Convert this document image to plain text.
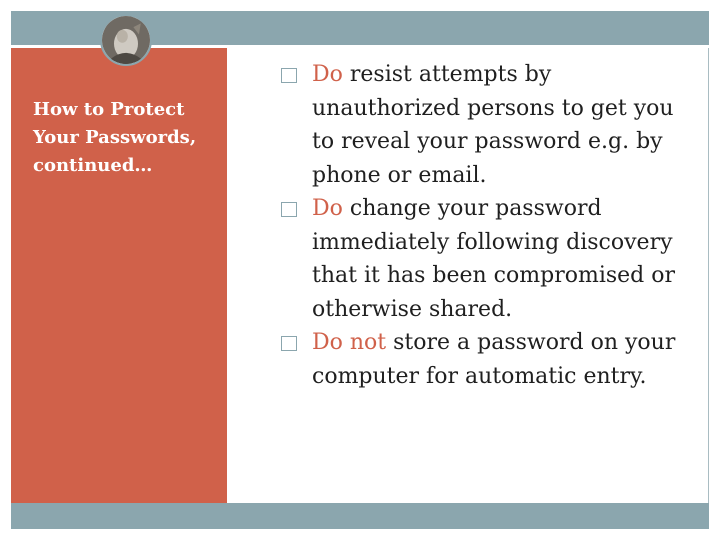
How to Protect Your Passwords, continued…
Do resist attempts by unauthorized persons to get you to reveal your password e.g. by phone or email.
Do change your password immediately following discovery that it has been compromised or otherwise shared.
Do not store a password on your computer for automatic entry.
